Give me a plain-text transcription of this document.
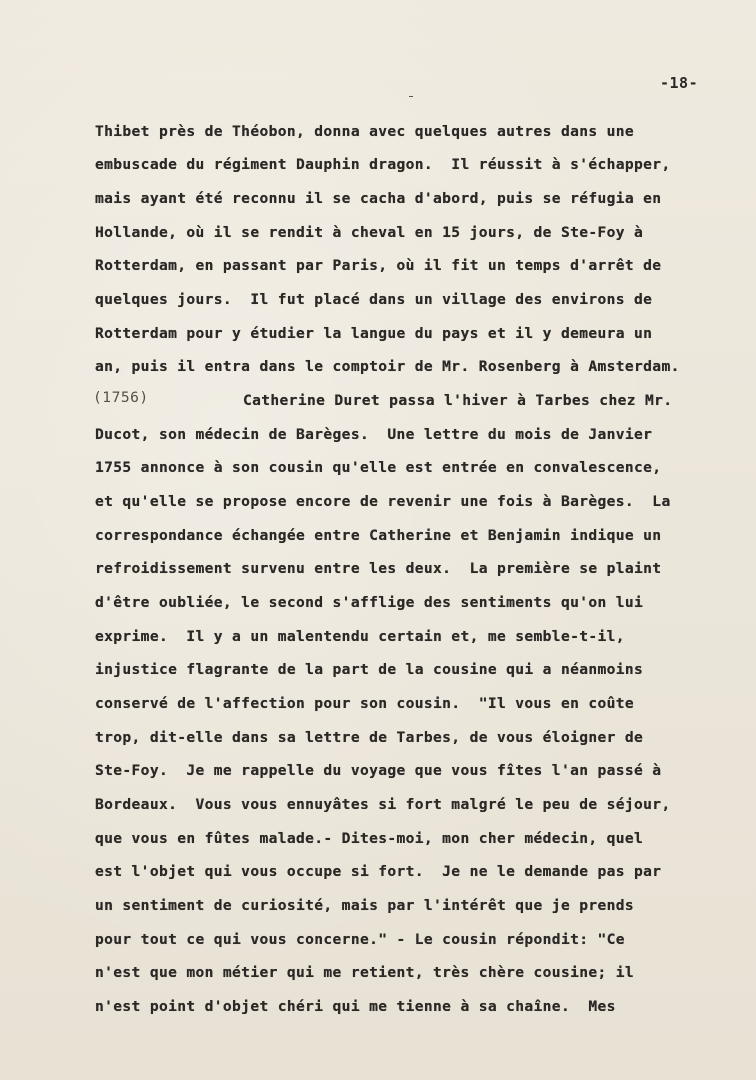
-18-
(1756)
Thibet près de Théobon, donna avec quelques autres dans une
embuscade du régiment Dauphin dragon.  Il réussit à s'échapper,
mais ayant été reconnu il se cacha d'abord, puis se réfugia en
Hollande, où il se rendit à cheval en 15 jours, de Ste-Foy à
Rotterdam, en passant par Paris, où il fit un temps d'arrêt de
quelques jours.  Il fut placé dans un village des environs de
Rotterdam pour y étudier la langue du pays et il y demeura un
an, puis il entra dans le comptoir de Mr. Rosenberg à Amsterdam.
Catherine Duret passa l'hiver à Tarbes chez Mr.
Ducot, son médecin de Barèges.  Une lettre du mois de Janvier
1755 annonce à son cousin qu'elle est entrée en convalescence,
et qu'elle se propose encore de revenir une fois à Barèges.  La
correspondance échangée entre Catherine et Benjamin indique un
refroidissement survenu entre les deux.  La première se plaint
d'être oubliée, le second s'afflige des sentiments qu'on lui
exprime.  Il y a un malentendu certain et, me semble-t-il,
injustice flagrante de la part de la cousine qui a néanmoins
conservé de l'affection pour son cousin.  "Il vous en coûte
trop, dit-elle dans sa lettre de Tarbes, de vous éloigner de
Ste-Foy.  Je me rappelle du voyage que vous fîtes l'an passé à
Bordeaux.  Vous vous ennuyâtes si fort malgré le peu de séjour,
que vous en fûtes malade.- Dites-moi, mon cher médecin, quel
est l'objet qui vous occupe si fort.  Je ne le demande pas par
un sentiment de curiosité, mais par l'intérêt que je prends
pour tout ce qui vous concerne." - Le cousin répondit: "Ce
n'est que mon métier qui me retient, très chère cousine; il
n'est point d'objet chéri qui me tienne à sa chaîne.  Mes
